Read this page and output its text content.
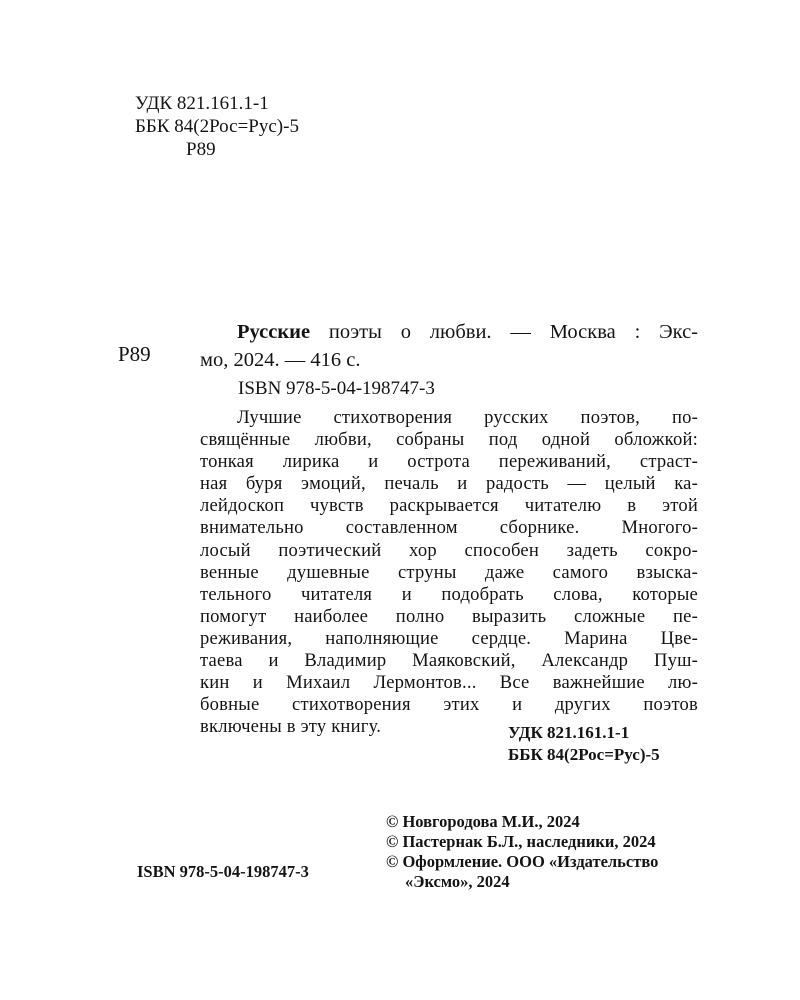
УДК 821.161.1-1
ББК 84(2Рос=Рус)-5
Р89
Р89
Русские поэты о любви. — Москва : Экс-
мо, 2024. — 416 с.
ISBN 978-5-04-198747-3
Лучшие стихотворения русских поэтов, по-
свящённые любви, собраны под одной обложкой:
тонкая лирика и острота переживаний, страст-
ная буря эмоций, печаль и радость — целый ка-
лейдоскоп чувств раскрывается читателю в этой
внимательно составленном сборнике. Многого-
лосый поэтический хор способен задеть сокро-
венные душевные струны даже самого взыска-
тельного читателя и подобрать слова, которые
помогут наиболее полно выразить сложные пе-
реживания, наполняющие сердце. Марина Цве-
таева и Владимир Маяковский, Александр Пуш-
кин и Михаил Лермонтов... Все важнейшие лю-
бовные стихотворения этих и других поэтов
включены в эту книгу.	УДК 821.161.1-1
ББК 84(2Рос=Рус)-5
© Новгородова М.И., 2024
© Пастернак Б.Л., наследники, 2024
© Оформление. ООО «Издательство
«Эксмо», 2024
ISBN 978-5-04-198747-3
